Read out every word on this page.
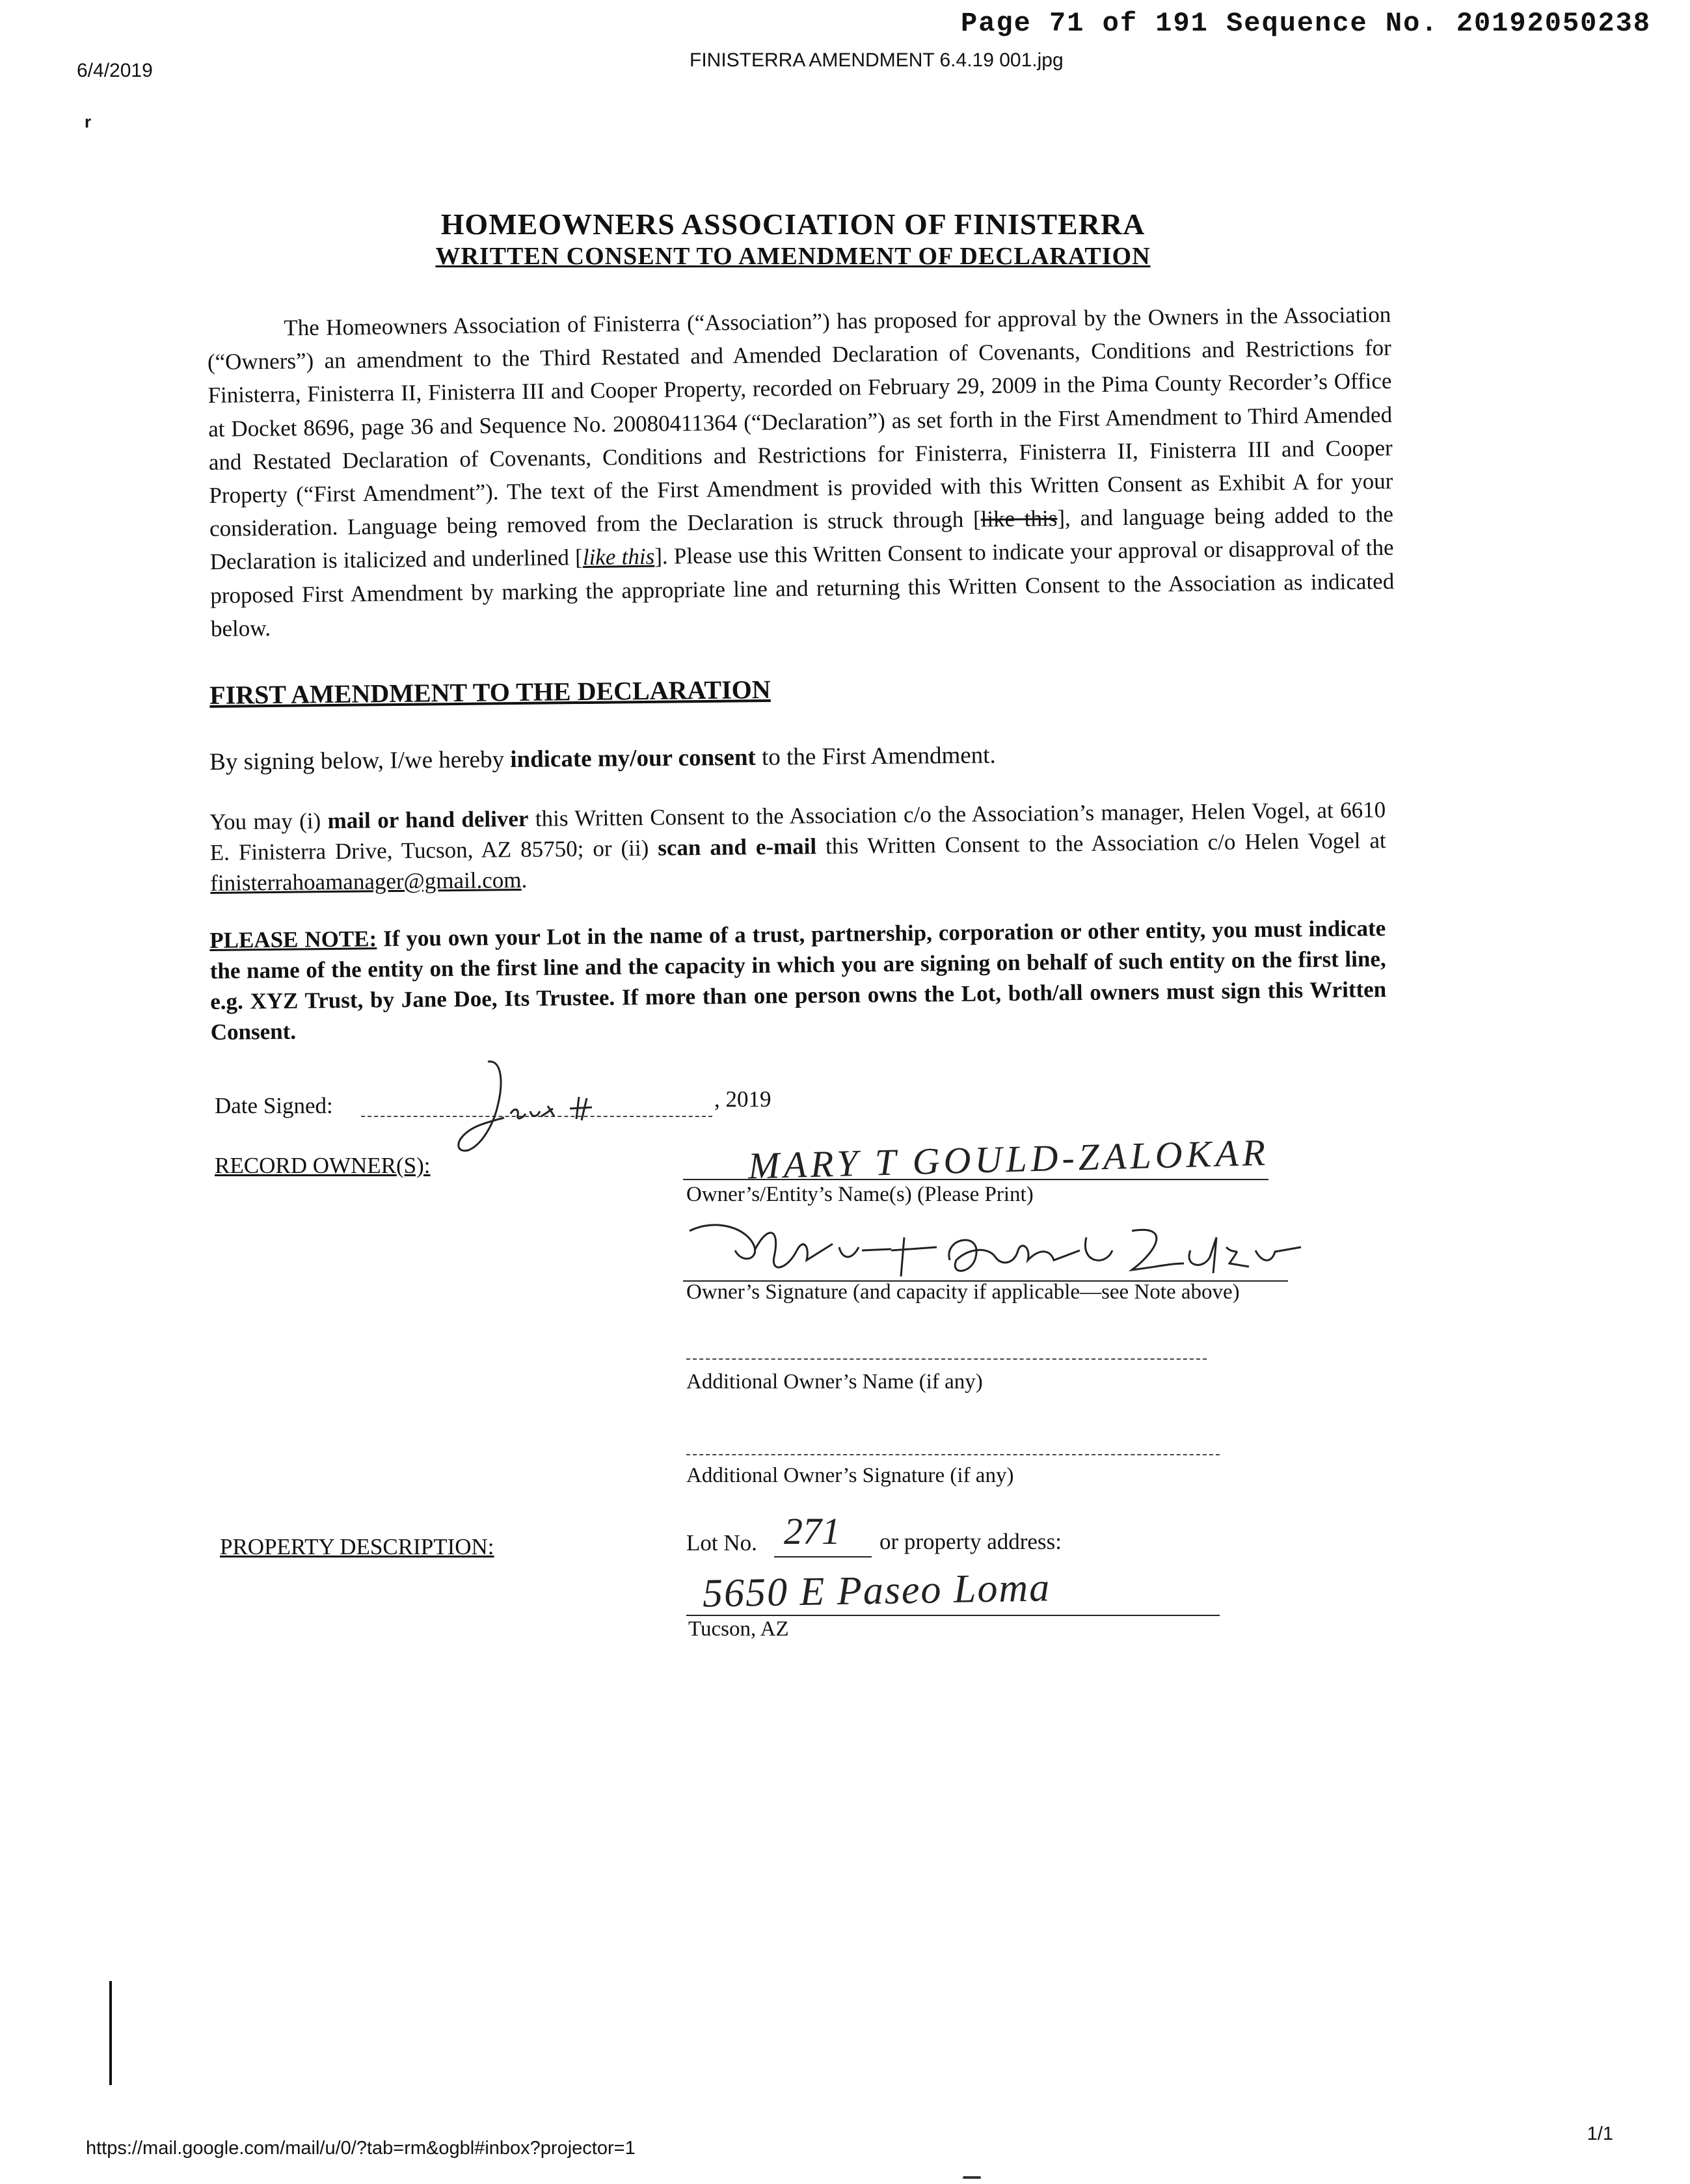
Page 71 of 191 Sequence No. 20192050238
6/4/2019	FINISTERRA AMENDMENT 6.4.19 001.jpg
r
HOMEOWNERS ASSOCIATION OF FINISTERRA
WRITTEN CONSENT TO AMENDMENT OF DECLARATION
The Homeowners Association of Finisterra (“Association”) has proposed for approval by the Owners in the Association (“Owners”) an amendment to the Third Restated and Amended Declaration of Covenants, Conditions and Restrictions for Finisterra, Finisterra II, Finisterra III and Cooper Property, recorded on February 29, 2009 in the Pima County Recorder’s Office at Docket 8696, page 36 and Sequence No. 20080411364 (“Declaration”) as set forth in the First Amendment to Third Amended and Restated Declaration of Covenants, Conditions and Restrictions for Finisterra, Finisterra II, Finisterra III and Cooper Property (“First Amendment”). The text of the First Amendment is provided with this Written Consent as Exhibit A for your consideration. Language being removed from the Declaration is struck through [like this], and language being added to the Declaration is italicized and underlined [like this]. Please use this Written Consent to indicate your approval or disapproval of the proposed First Amendment by marking the appropriate line and returning this Written Consent to the Association as indicated below.
FIRST AMENDMENT TO THE DECLARATION
By signing below, I/we hereby indicate my/our consent to the First Amendment.
You may (i) mail or hand deliver this Written Consent to the Association c/o the Association’s manager, Helen Vogel, at 6610 E. Finisterra Drive, Tucson, AZ 85750; or (ii) scan and e-mail this Written Consent to the Association c/o Helen Vogel at finisterrahoamanager@gmail.com.
PLEASE NOTE: If you own your Lot in the name of a trust, partnership, corporation or other entity, you must indicate the name of the entity on the first line and the capacity in which you are signing on behalf of such entity on the first line, e.g. XYZ Trust, by Jane Doe, Its Trustee. If more than one person owns the Lot, both/all owners must sign this Written Consent.
Date Signed:	, 2019
RECORD OWNER(S):	MARY T GOULD-ZALOKAR
Owner’s/Entity’s Name(s) (Please Print)
Owner’s Signature (and capacity if applicable—see Note above)
Additional Owner’s Name (if any)
Additional Owner’s Signature (if any)
PROPERTY DESCRIPTION:	Lot No. 271 or property address:
5650 E Paseo Loma
Tucson, AZ
https://mail.google.com/mail/u/0/?tab=rm&ogbl#inbox?projector=1
1/1
